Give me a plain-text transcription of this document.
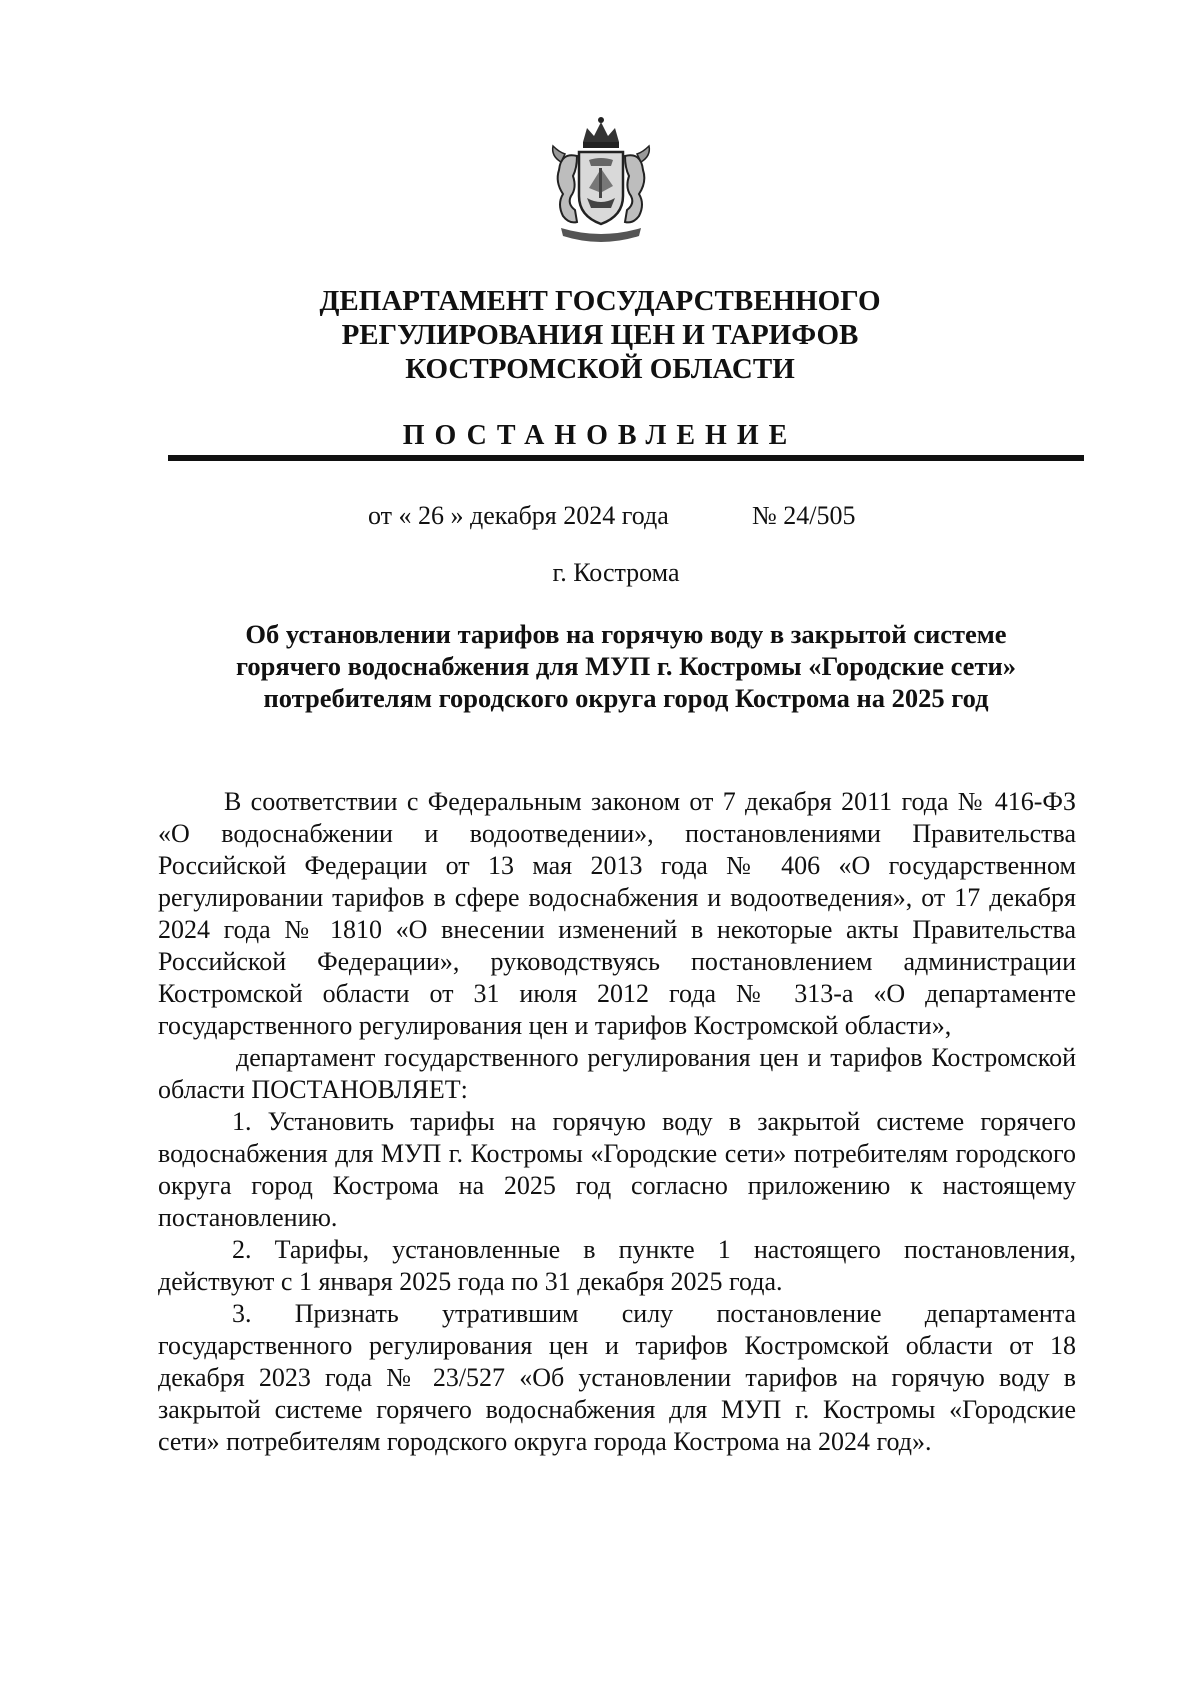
ДЕПАРТАМЕНТ ГОСУДАРСТВЕННОГО
РЕГУЛИРОВАНИЯ ЦЕН И ТАРИФОВ
КОСТРОМСКОЙ ОБЛАСТИ
ПОСТАНОВЛЕНИЕ
от « 26 » декабря 2024 года	№ 24/505
г. Кострома
Об установлении тарифов на горячую воду в закрытой системе
горячего водоснабжения для МУП г. Костромы «Городские сети»
потребителям городского округа город Кострома на 2025 год

В соответствии с Федеральным законом от 7 декабря 2011 года № 416-ФЗ «О водоснабжении и водоотведении», постановлениями Правительства Российской Федерации от 13 мая 2013 года № 406 «О государственном регулировании тарифов в сфере водоснабжения и водоотведения», от 17 декабря 2024 года № 1810 «О внесении изменений в некоторые акты Правительства Российской Федерации», руководствуясь постановлением администрации Костромской области от 31 июля 2012 года № 313-а «О департаменте государственного регулирования цен и тарифов Костромской области»,

департамент государственного регулирования цен и тарифов Костромской области ПОСТАНОВЛЯЕТ:

1. Установить тарифы на горячую воду в закрытой системе горячего водоснабжения для МУП г. Костромы «Городские сети» потребителям городского округа город Кострома на 2025 год согласно приложению к настоящему постановлению.

2. Тарифы, установленные в пункте 1 настоящего постановления, действуют с 1 января 2025 года по 31 декабря 2025 года.

3. Признать утратившим силу постановление департамента государственного регулирования цен и тарифов Костромской области от 18 декабря 2023 года № 23/527 «Об установлении тарифов на горячую воду в закрытой системе горячего водоснабжения для МУП г. Костромы «Городские сети» потребителям городского округа города Кострома на 2024 год».
